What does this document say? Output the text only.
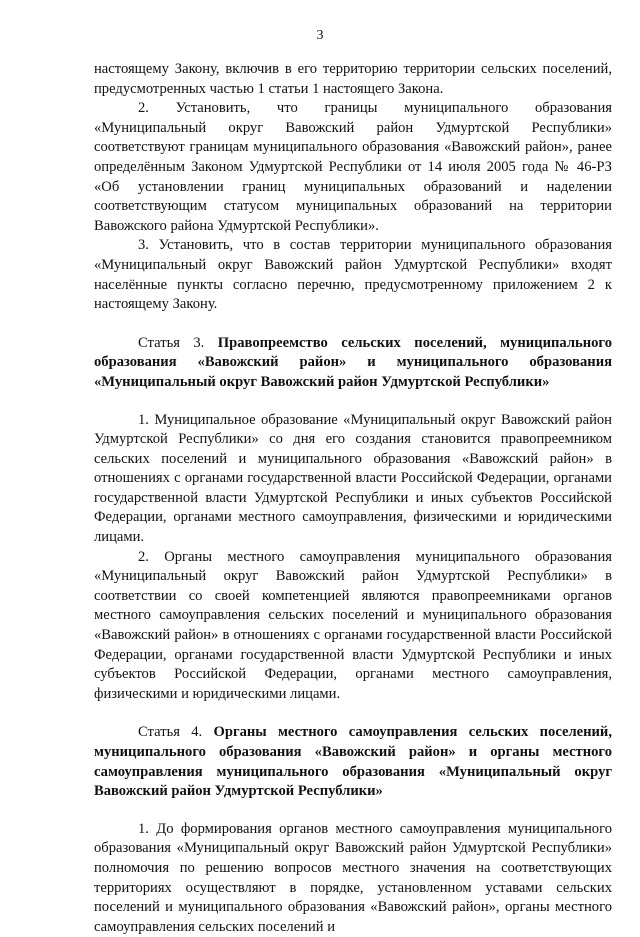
3

настоящему Закону, включив в его территорию территории сельских поселений, предусмотренных частью 1 статьи 1 настоящего Закона.

2. Установить, что границы муниципального образования «Муниципальный округ Вавожский район Удмуртской Республики» соответствуют границам муниципального образования «Вавожский район», ранее определённым Законом Удмуртской Республики от 14 июля 2005 года № 46-РЗ «Об установлении границ муниципальных образований и наделении соответствующим статусом муниципальных образований на территории Вавожского района Удмуртской Республики».

3. Установить, что в состав территории муниципального образования «Муниципальный округ Вавожский район Удмуртской Республики» входят населённые пункты согласно перечню, предусмотренному приложением 2 к настоящему Закону.

Статья 3. Правопреемство сельских поселений, муниципального образования «Вавожский район» и муниципального образования «Муниципальный округ Вавожский район Удмуртской Республики»

1. Муниципальное образование «Муниципальный округ Вавожский район Удмуртской Республики» со дня его создания становится правопреемником сельских поселений и муниципального образования «Вавожский район» в отношениях с органами государственной власти Российской Федерации, органами государственной власти Удмуртской Республики и иных субъектов Российской Федерации, органами местного самоуправления, физическими и юридическими лицами.

2. Органы местного самоуправления муниципального образования «Муниципальный округ Вавожский район Удмуртской Республики» в соответствии со своей компетенцией являются правопреемниками органов местного самоуправления сельских поселений и муниципального образования «Вавожский район» в отношениях с органами государственной власти Российской Федерации, органами государственной власти Удмуртской Республики и иных субъектов Российской Федерации, органами местного самоуправления, физическими и юридическими лицами.

Статья 4. Органы местного самоуправления сельских поселений, муниципального образования «Вавожский район» и органы местного самоуправления муниципального образования «Муниципальный округ Вавожский район Удмуртской Республики»

1. До формирования органов местного самоуправления муниципального образования «Муниципальный округ Вавожский район Удмуртской Республики» полномочия по решению вопросов местного значения на соответствующих территориях осуществляют в порядке, установленном уставами сельских поселений и муниципального образования «Вавожский район», органы местного самоуправления сельских поселений и
